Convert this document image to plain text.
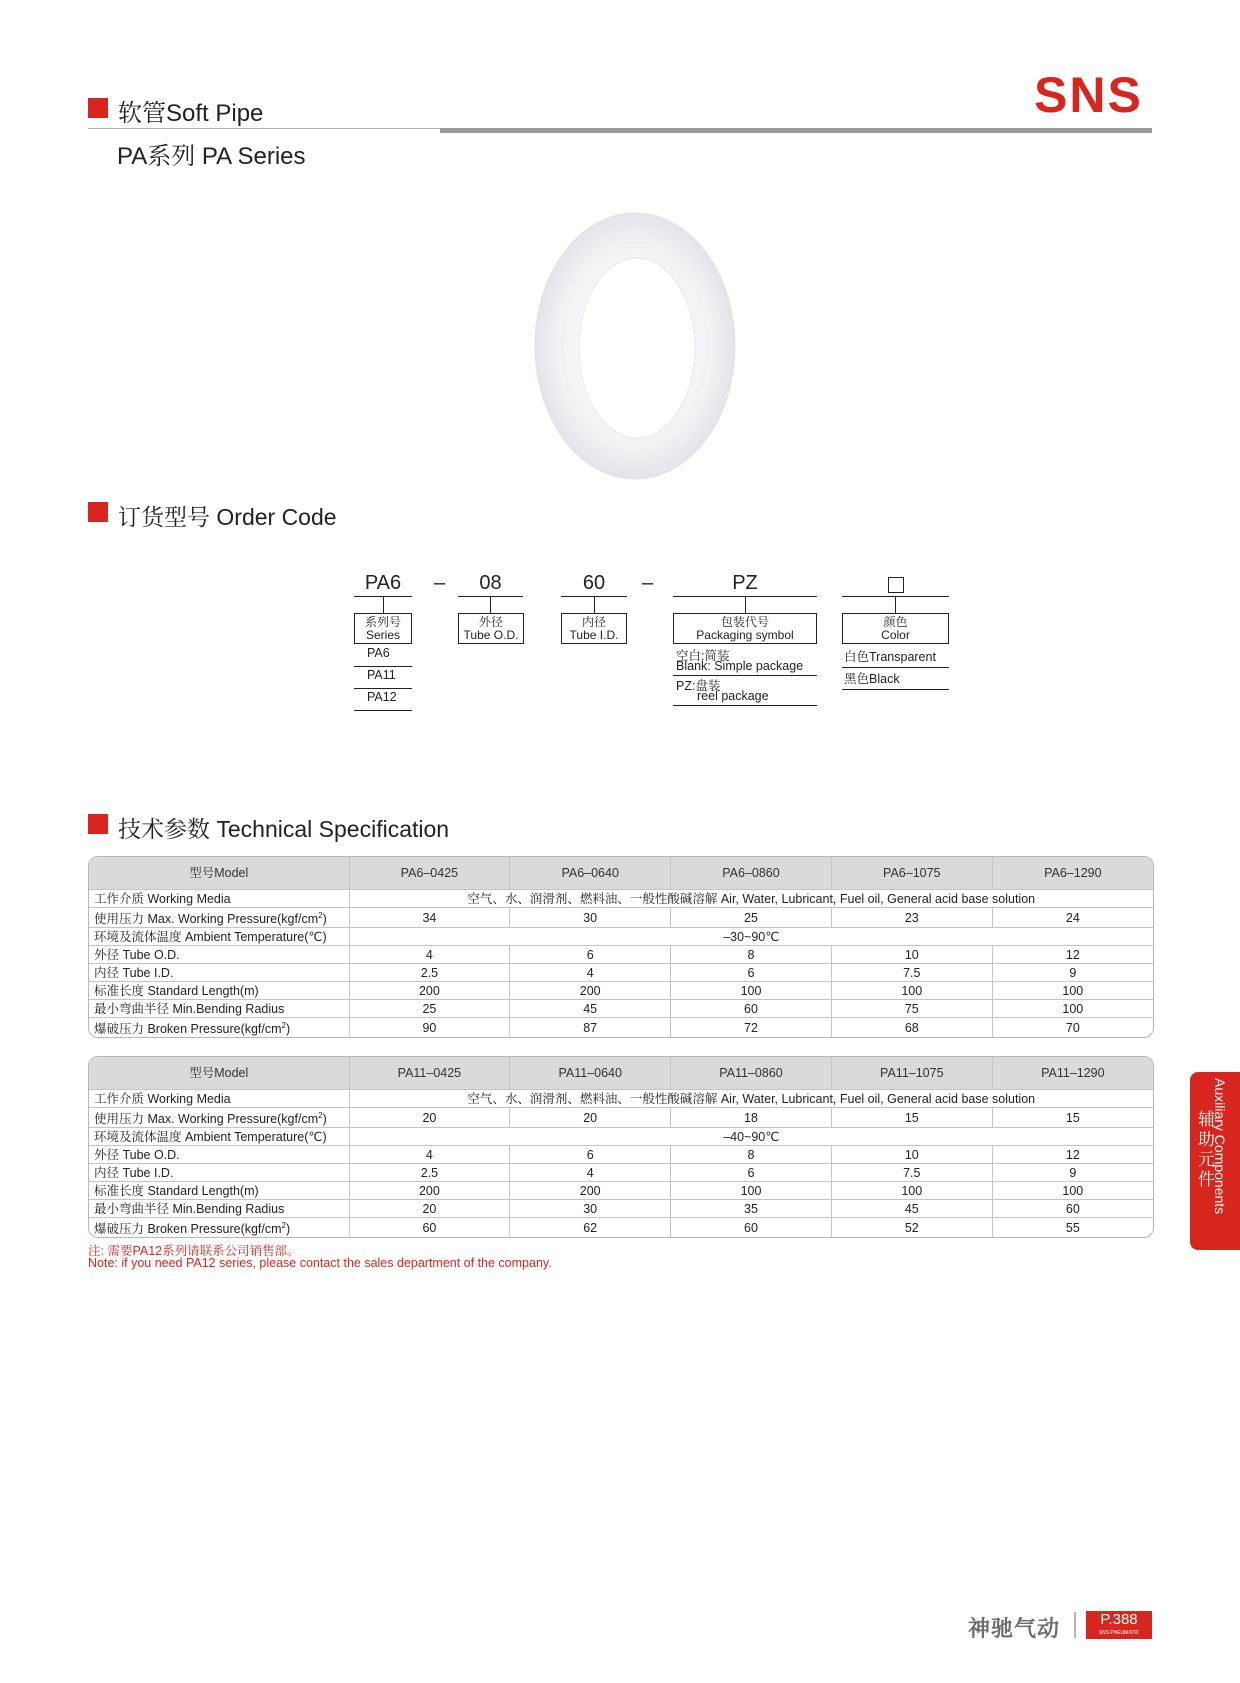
软管Soft Pipe	SNS
PA系列 PA Series
订货型号 Order Code
PA6	–	08	60	–	PZ
系列号
Series
PA6
PA11
PA12
外径
Tube O.D.
内径
Tube I.D.
包装代号
Packaging symbol
空白:简装
Blank: Simple package
PZ:盘装
reel package
颜色
Color
白色Transparent
黑色Black
技术参数 Technical Specification
型号Model	PA6–0425	PA6–0640	PA6–0860	PA6–1075	PA6–1290
工作介质 Working Media	空气、水、润滑剂、燃料油、一般性酸碱溶解 Air, Water, Lubricant, Fuel oil, General acid base solution				
使用压力 Max. Working $Pressure(kgf/cm^2)$	34	30	25	23	24
环境及流体温度 Ambient Temperature(℃)	–30~90℃				
外径 Tube O.D.	4	6	8	10	12
内径 Tube I.D.	2.5	4	6	7.5	9
标准长度 Standard Length(m)	200	200	100	100	100
最小弯曲半径 Min.Bending Radius	25	45	60	75	100
爆破压力 Broken $Pressure(kgf/cm^2)$	90	87	72	68	70
型号Model	PA11–0425	PA11–0640	PA11–0860	PA11–1075	PA11–1290
工作介质 Working Media	空气、水、润滑剂、燃料油、一般性酸碱溶解 Air, Water, Lubricant, Fuel oil, General acid base solution				
使用压力 Max. Working $Pressure(kgf/cm^2)$	20	20	18	15	15
环境及流体温度 Ambient Temperature(℃)	–40~90℃				
外径 Tube O.D.	4	6	8	10	12
内径 Tube I.D.	2.5	4	6	7.5	9
标准长度 Standard Length(m)	200	200	100	100	100
最小弯曲半径 Min.Bending Radius	20	30	35	45	60
爆破压力 Broken $Pressure(kgf/cm^2)$	60	62	60	52	55
注: 需要PA12系列请联系公司销售部。
Note: if you need PA12 series, please contact the sales department of the company.
Auxiliary Components
辅助元件
神驰气动	P.388
SNS PNEUMATIC
